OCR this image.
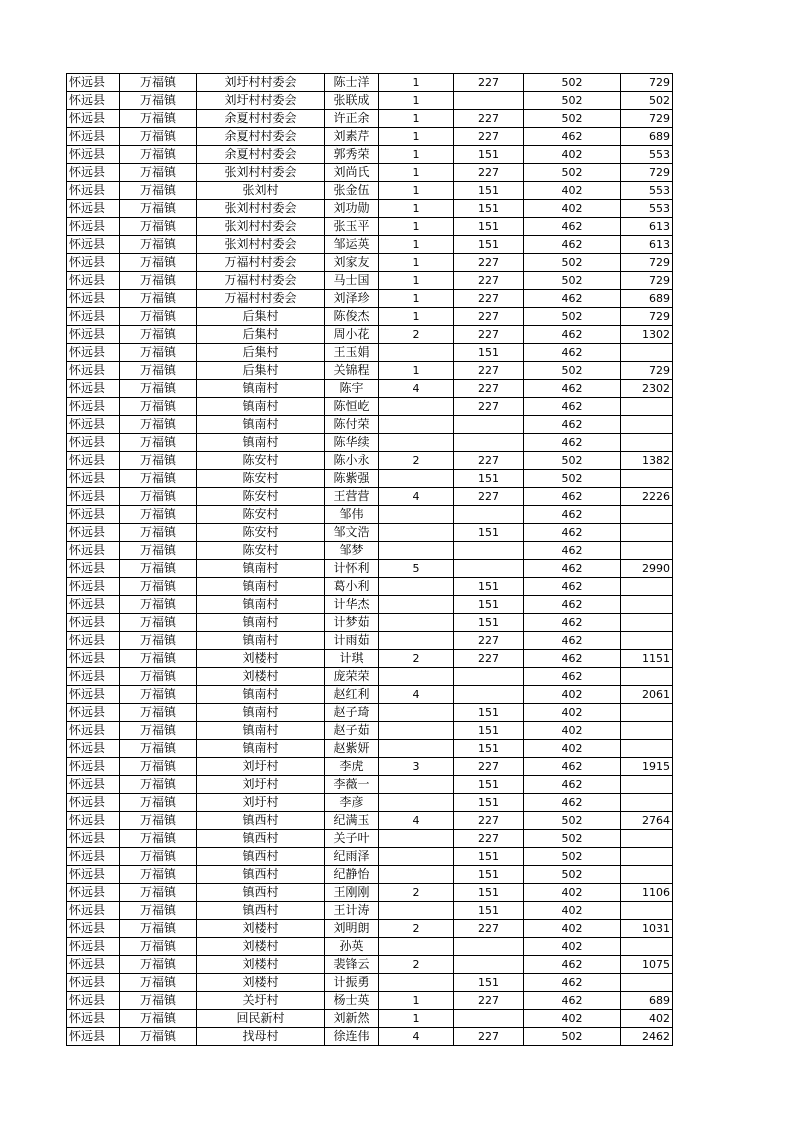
怀远县	万福镇	刘圩村村委会	陈士洋	1	227	502	729
怀远县	万福镇	刘圩村村委会	张联成	1		502	502
怀远县	万福镇	余夏村村委会	许正余	1	227	502	729
怀远县	万福镇	余夏村村委会	刘素芹	1	227	462	689
怀远县	万福镇	余夏村村委会	郭秀荣	1	151	402	553
怀远县	万福镇	张刘村村委会	刘尚氏	1	227	502	729
怀远县	万福镇	张刘村	张金伍	1	151	402	553
怀远县	万福镇	张刘村村委会	刘功勋	1	151	402	553
怀远县	万福镇	张刘村村委会	张玉平	1	151	462	613
怀远县	万福镇	张刘村村委会	邹运英	1	151	462	613
怀远县	万福镇	万福村村委会	刘家友	1	227	502	729
怀远县	万福镇	万福村村委会	马士国	1	227	502	729
怀远县	万福镇	万福村村委会	刘泽珍	1	227	462	689
怀远县	万福镇	后集村	陈俊杰	1	227	502	729
怀远县	万福镇	后集村	周小花	2	227	462	1302
怀远县	万福镇	后集村	王玉娟		151	462	
怀远县	万福镇	后集村	关锦程	1	227	502	729
怀远县	万福镇	镇南村	陈宇	4	227	462	2302
怀远县	万福镇	镇南村	陈恒屹		227	462	
怀远县	万福镇	镇南村	陈付荣			462	
怀远县	万福镇	镇南村	陈华续			462	
怀远县	万福镇	陈安村	陈小永	2	227	502	1382
怀远县	万福镇	陈安村	陈紫强		151	502	
怀远县	万福镇	陈安村	王营营	4	227	462	2226
怀远县	万福镇	陈安村	邹伟			462	
怀远县	万福镇	陈安村	邹文浩		151	462	
怀远县	万福镇	陈安村	邹梦			462	
怀远县	万福镇	镇南村	计怀利	5		462	2990
怀远县	万福镇	镇南村	葛小利		151	462	
怀远县	万福镇	镇南村	计华杰		151	462	
怀远县	万福镇	镇南村	计梦茹		151	462	
怀远县	万福镇	镇南村	计雨茹		227	462	
怀远县	万福镇	刘楼村	计琪	2	227	462	1151
怀远县	万福镇	刘楼村	庞荣荣			462	
怀远县	万福镇	镇南村	赵红利	4		402	2061
怀远县	万福镇	镇南村	赵子琦		151	402	
怀远县	万福镇	镇南村	赵子茹		151	402	
怀远县	万福镇	镇南村	赵紫妍		151	402	
怀远县	万福镇	刘圩村	李虎	3	227	462	1915
怀远县	万福镇	刘圩村	李薇一		151	462	
怀远县	万福镇	刘圩村	李彦		151	462	
怀远县	万福镇	镇西村	纪满玉	4	227	502	2764
怀远县	万福镇	镇西村	关子叶		227	502	
怀远县	万福镇	镇西村	纪雨泽		151	502	
怀远县	万福镇	镇西村	纪静怡		151	502	
怀远县	万福镇	镇西村	王刚刚	2	151	402	1106
怀远县	万福镇	镇西村	王计涛		151	402	
怀远县	万福镇	刘楼村	刘明朗	2	227	402	1031
怀远县	万福镇	刘楼村	孙英			402	
怀远县	万福镇	刘楼村	裴锋云	2		462	1075
怀远县	万福镇	刘楼村	计振勇		151	462	
怀远县	万福镇	关圩村	杨士英	1	227	462	689
怀远县	万福镇	回民新村	刘新然	1		402	402
怀远县	万福镇	找母村	徐连伟	4	227	502	2462
